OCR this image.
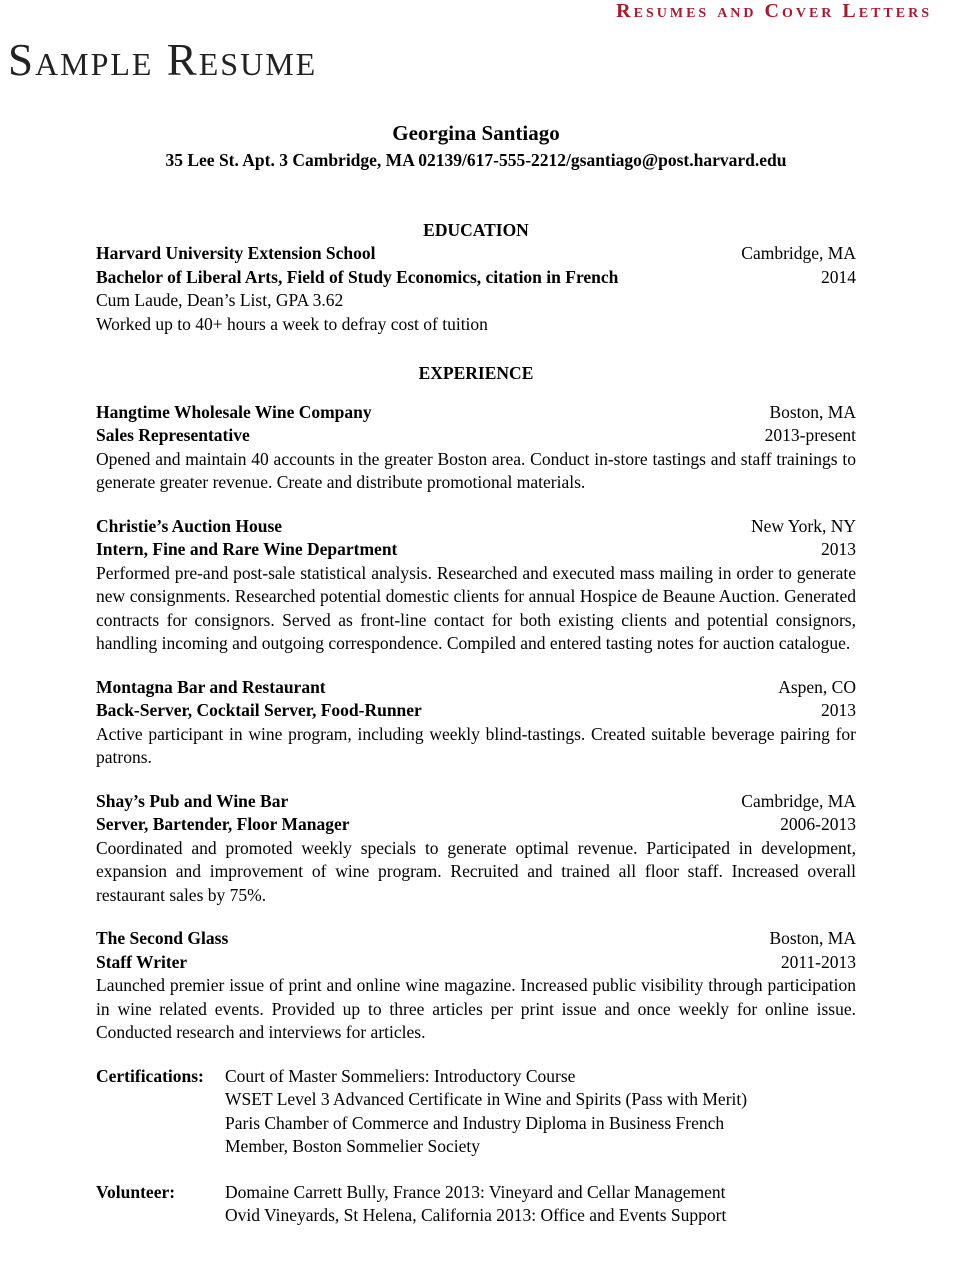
Resumes and Cover Letters
Sample Resume
Georgina Santiago
35 Lee St. Apt. 3 Cambridge, MA 02139/617-555-2212/gsantiago@post.harvard.edu
EDUCATION
Harvard University Extension School	Cambridge, MA
Bachelor of Liberal Arts, Field of Study Economics, citation in French	2014
Cum Laude, Dean’s List, GPA 3.62
Worked up to 40+ hours a week to defray cost of tuition
EXPERIENCE
Hangtime Wholesale Wine Company	Boston, MA
Sales Representative	2013-present
Opened and maintain 40 accounts in the greater Boston area. Conduct in-store tastings and staff trainings to generate greater revenue. Create and distribute promotional materials.
Christie’s Auction House	New York, NY
Intern, Fine and Rare Wine Department	2013
Performed pre-and post-sale statistical analysis. Researched and executed mass mailing in order to generate new consignments. Researched potential domestic clients for annual Hospice de Beaune Auction. Generated contracts for consignors. Served as front-line contact for both existing clients and potential consignors, handling incoming and outgoing correspondence. Compiled and entered tasting notes for auction catalogue.
Montagna Bar and Restaurant	Aspen, CO
Back-Server, Cocktail Server, Food-Runner	2013
Active participant in wine program, including weekly blind-tastings. Created suitable beverage pairing for patrons.
Shay’s Pub and Wine Bar	Cambridge, MA
Server, Bartender, Floor Manager	2006-2013
Coordinated and promoted weekly specials to generate optimal revenue. Participated in development, expansion and improvement of wine program. Recruited and trained all floor staff. Increased overall restaurant sales by 75%.
The Second Glass	Boston, MA
Staff Writer	2011-2013
Launched premier issue of print and online wine magazine. Increased public visibility through participation in wine related events. Provided up to three articles per print issue and once weekly for online issue. Conducted research and interviews for articles.
Certifications:	Court of Master Sommeliers: Introductory Course
WSET Level 3 Advanced Certificate in Wine and Spirits (Pass with Merit)
Paris Chamber of Commerce and Industry Diploma in Business French
Member, Boston Sommelier Society
Volunteer:	Domaine Carrett Bully, France 2013: Vineyard and Cellar Management
Ovid Vineyards, St Helena, California 2013: Office and Events Support
